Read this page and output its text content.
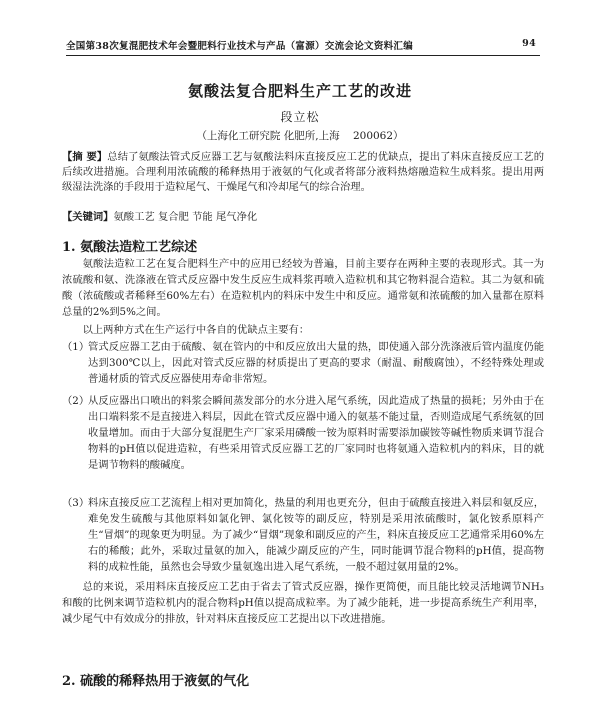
全国第38次复混肥技术年会暨肥料行业技术与产品（富源）交流会论文资料汇编	94
氨酸法复合肥料生产工艺的改进
段立松
（上海化工研究院 化肥所,上海    200062）

【摘 要】总结了氨酸法管式反应器工艺与氨酸法料床直接反应工艺的优缺点，提出了料床直接反应工艺的后续改进措施。合理利用浓硫酸的稀释热用于液氨的气化或者将部分液料热熔融造粒生成料浆。提出用两级湿法洗涤的手段用于造粒尾气、干燥尾气和冷却尾气的综合治理。

【关键词】氨酸工艺 复合肥 节能 尾气净化

1. 氨酸法造粒工艺综述

氨酸法造粒工艺在复合肥料生产中的应用已经较为普遍，目前主要存在两种主要的表现形式。其一为浓硫酸和氨、洗涤液在管式反应器中发生反应生成料浆再喷入造粒机和其它物料混合造粒。其二为氨和硫酸（浓硫酸或者稀释至60%左右）在造粒机内的料床中发生中和反应。通常氨和浓硫酸的加入量都在原料总量的2%到5%之间。

以上两种方式在生产运行中各自的优缺点主要有：

（1）
管式反应器工艺由于硫酸、氨在管内的中和反应放出大量的热，即使通入部分洗涤液后管内温度仍能达到300℃以上，因此对管式反应器的材质提出了更高的要求（耐温、耐酸腐蚀），不经特殊处理或普通材质的管式反应器使用寿命非常短。
（2）
从反应器出口喷出的料浆会瞬间蒸发部分的水分进入尾气系统，因此造成了热量的损耗；另外由于在出口端料浆不是直接进入料层，因此在管式反应器中通入的氨基不能过量，否则造成尾气系统氨的回收量增加。而由于大部分复混肥生产厂家采用磷酸一铵为原料时需要添加碳铵等碱性物质来调节混合物料的pH值以促进造粒，有些采用管式反应器工艺的厂家同时也将氨通入造粒机内的料床，目的就是调节物料的酸碱度。
（3）
料床直接反应工艺流程上相对更加简化，热量的利用也更充分，但由于硫酸直接进入料层和氨反应，难免发生硫酸与其他原料如氯化钾、氯化铵等的副反应，特别是采用浓硫酸时，氯化铵系原料产生“冒烟”的现象更为明显。为了减少“冒烟”现象和副反应的产生，料床直接反应工艺通常采用60%左右的稀酸；此外，采取过量氨的加入，能减少副反应的产生，同时能调节混合物料的pH值，提高物料的成粒性能，虽然也会导致少量氨逸出进入尾气系统，一般不超过氨用量的2%。

总的来说，采用料床直接反应工艺由于省去了管式反应器，操作更简便，而且能比较灵活地调节NH₃和酸的比例来调节造粒机内的混合物料pH值以提高成粒率。为了减少能耗，进一步提高系统生产利用率，减少尾气中有效成分的排放，针对料床直接反应工艺提出以下改进措施。

2. 硫酸的稀释热用于液氨的气化
